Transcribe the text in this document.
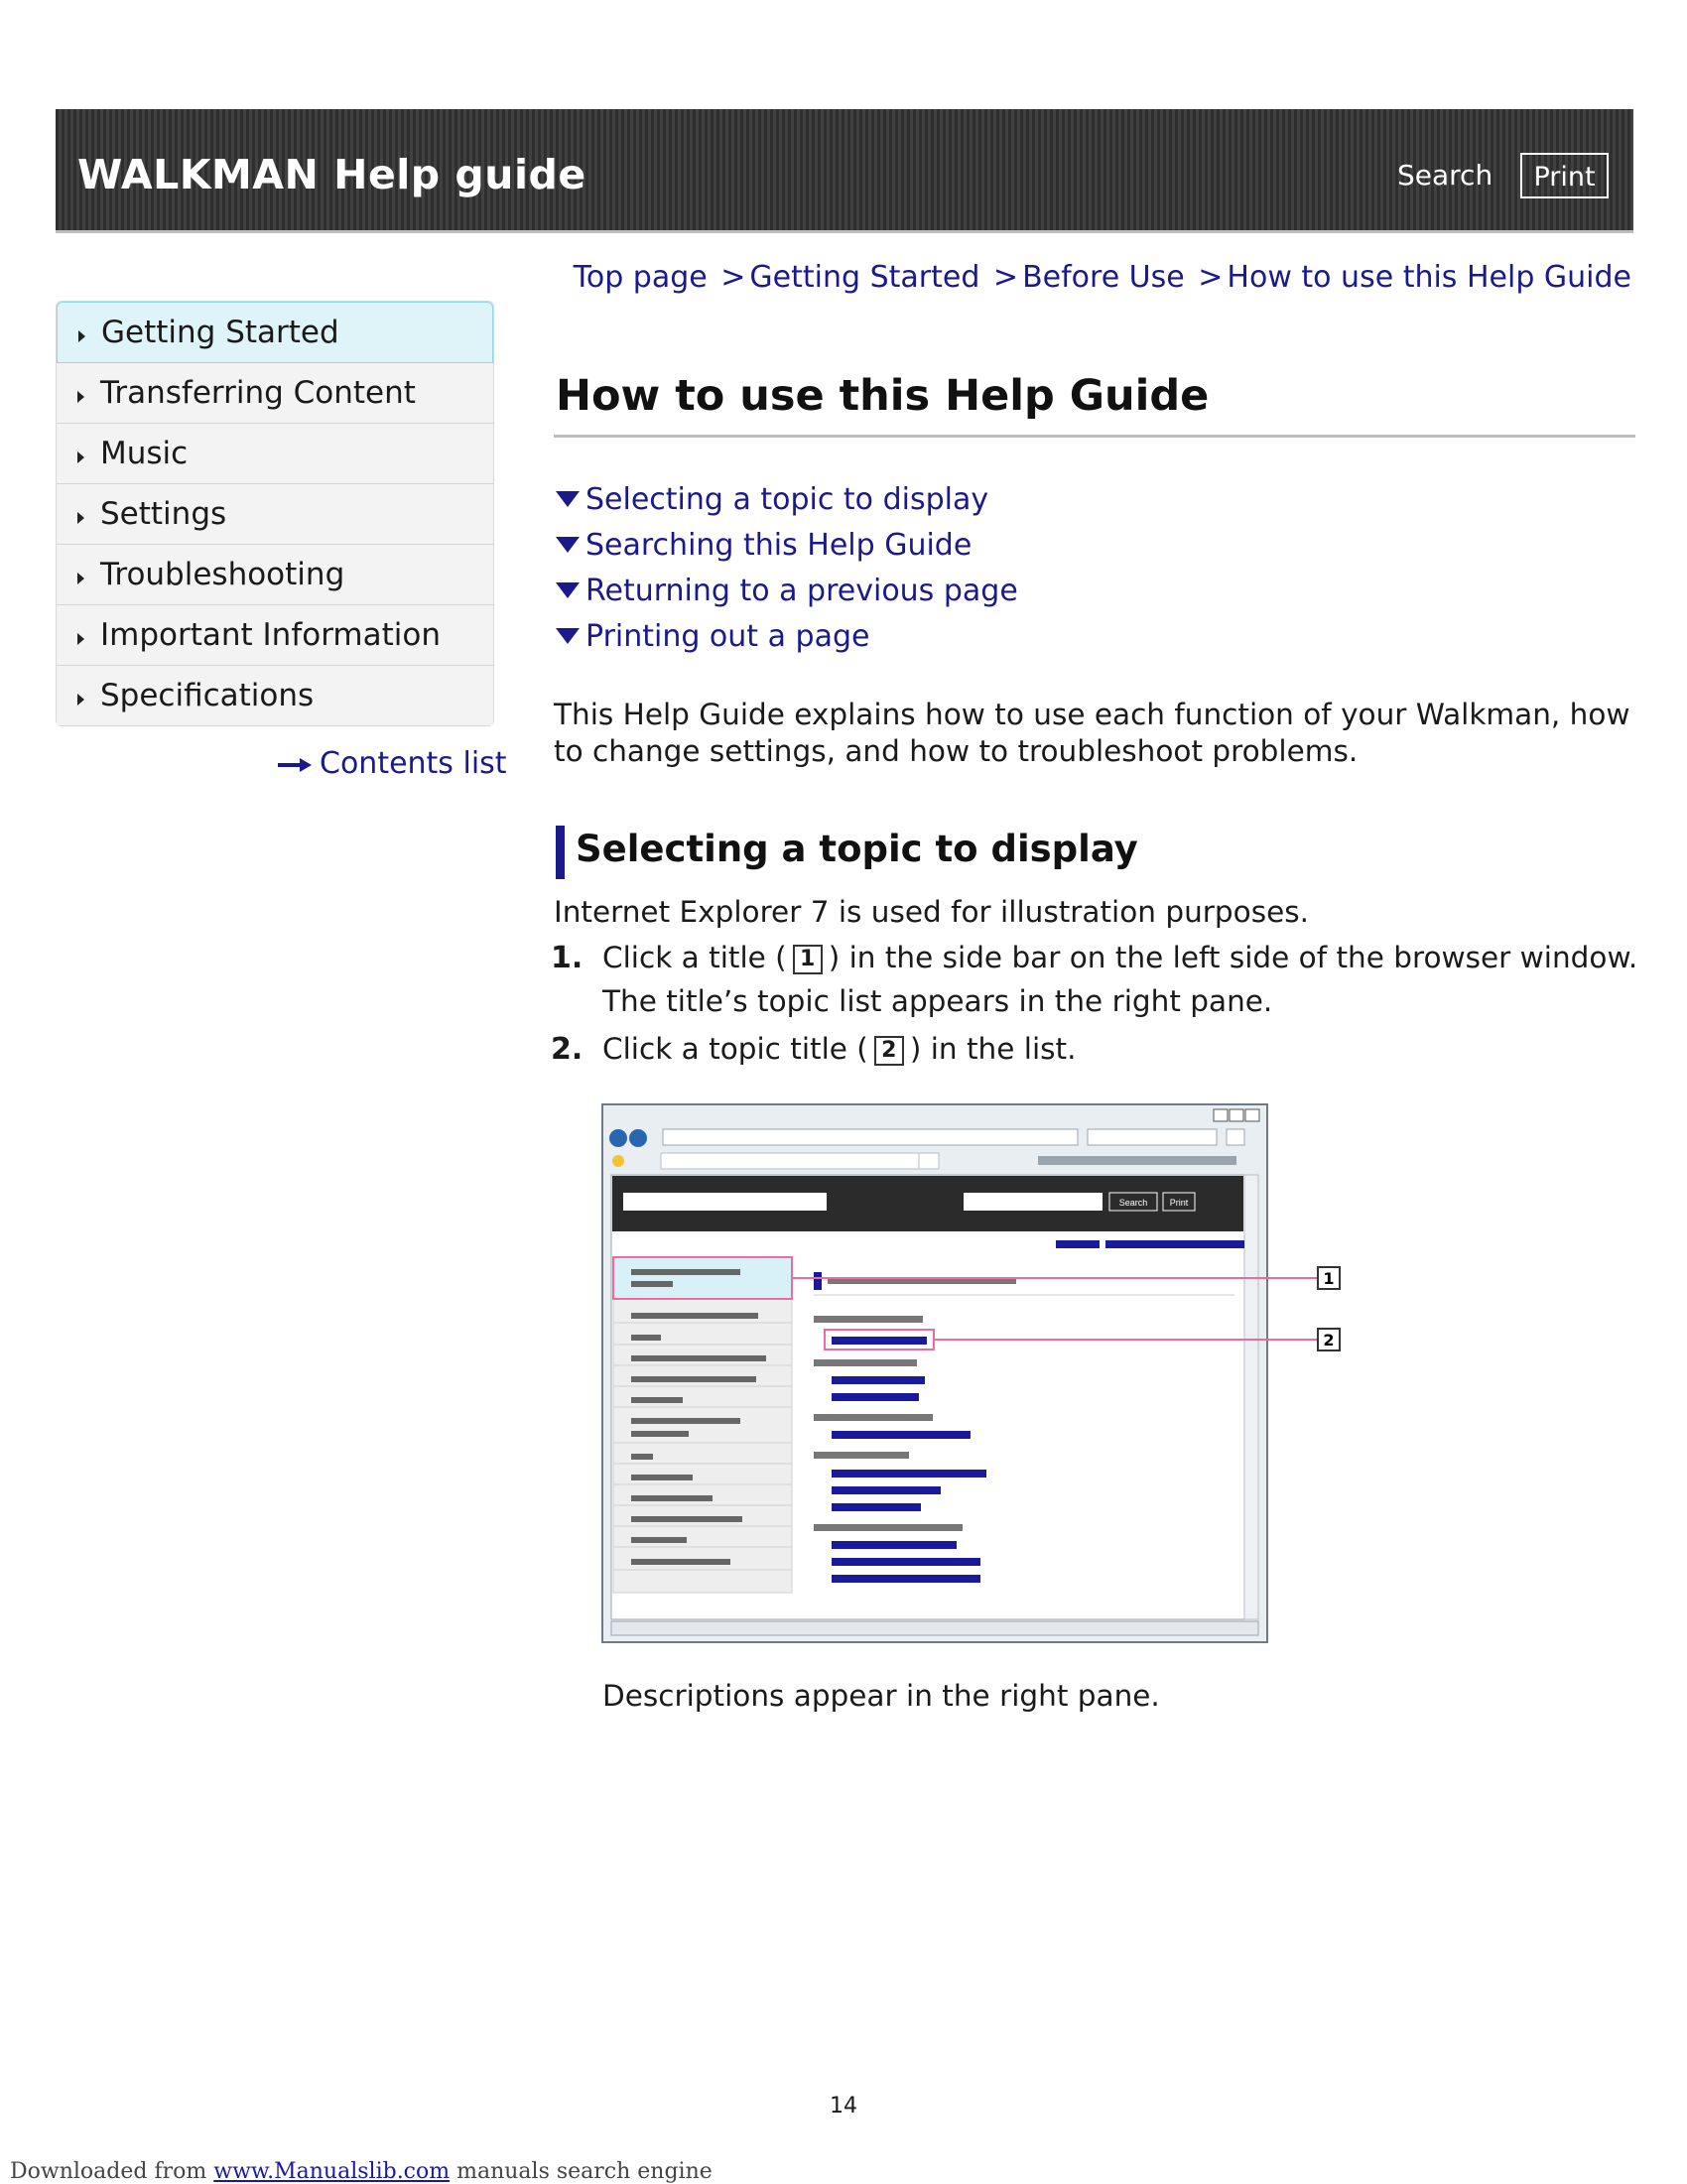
WALKMAN Help guide	Search	Print
Top page > Getting Started > Before Use > How to use this Help Guide
Getting Started
Transferring Content
Music
Settings
Troubleshooting
Important Information
Specifications
Contents list
How to use this Help Guide
Selecting a topic to display
Searching this Help Guide
Returning to a previous page
Printing out a page
This Help Guide explains how to use each function of your Walkman, how to change settings, and how to troubleshoot problems.
Selecting a topic to display
Internet Explorer 7 is used for illustration purposes.
1. Click a title ( 1 ) in the side bar on the left side of the browser window.
The title’s topic list appears in the right pane.
2. Click a topic title ( 2 ) in the list.
Search Print
1
2
Descriptions appear in the right pane.
14
Downloaded from www.Manualslib.com manuals search engine
